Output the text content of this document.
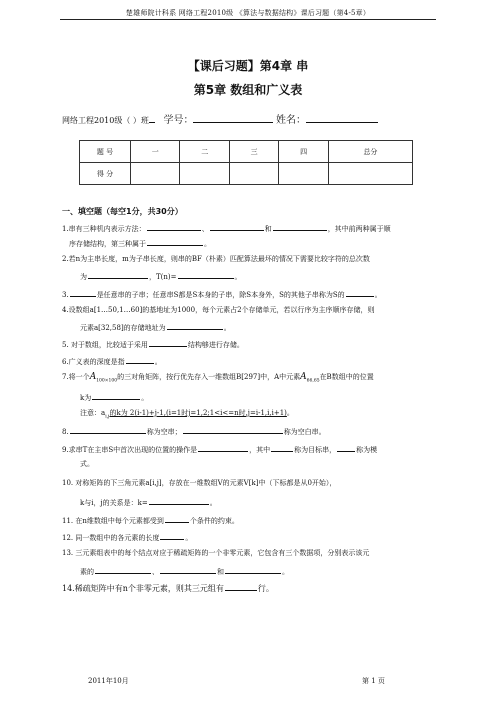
楚雄师院计科系 网络工程2010级 《算法与数据结构》课后习题（第4-5章）
【课后习题】第4章 串
第5章 数组和广义表
网络工程2010级（ ）班 学号：	姓名：
题 号	一	二	三	四	总分
得 分					
一、填空题（每空1分，共30分）
1.串有三种机内表示方法：	、	和	，其中前两种属于顺
序存储结构，第三种属于	。
2.若n为主串长度，m为子串长度，则串的BF（朴素）匹配算法最坏的情况下需要比较字符的总次数
为	，T(n)=	。
3.	是任意串的子串；任意串S都是S本身的子串，除S本身外，S的其他子串称为S的	。
4.设数组a[1…50,1…60]的基地址为1000，每个元素占2个存储单元，若以行序为主序顺序存储，则
元素a[32,58]的存储地址为	。
5. 对于数组，比较适于采用	结构够进行存储。
6.广义表的深度是指	。
7.将一个$A_{100\times 100}$的三对角矩阵，按行优先存入一维数组B[297]中，A中元素$A_{66,65}$在B数组中的位置
k为	。
注意：$a_{i,j}$的k为 2(i-1)+j-1,(i=1时j=1,2;1<i<=n时,j=i-1,i,i+1)。
8.	称为空串；	称为空白串。
9.求串T在主串S中首次出现的位置的操作是	，其中	称为目标串，	称为模
式。
10. 对称矩阵的下三角元素a[i,j]，存放在一维数组V的元素V[k]中（下标都是从0开始），
k与i，j的关系是：k=	。
11. 在n维数组中每个元素都受到	个条件的约束。
12. 同一数组中的各元素的长度	。
13. 三元素组表中的每个结点对应于稀疏矩阵的一个非零元素，它包含有三个数据项，分别表示该元
素的	、	和	。
14.稀疏矩阵中有n个非零元素，则其三元组有	行。
2011年10月	第 1 页
